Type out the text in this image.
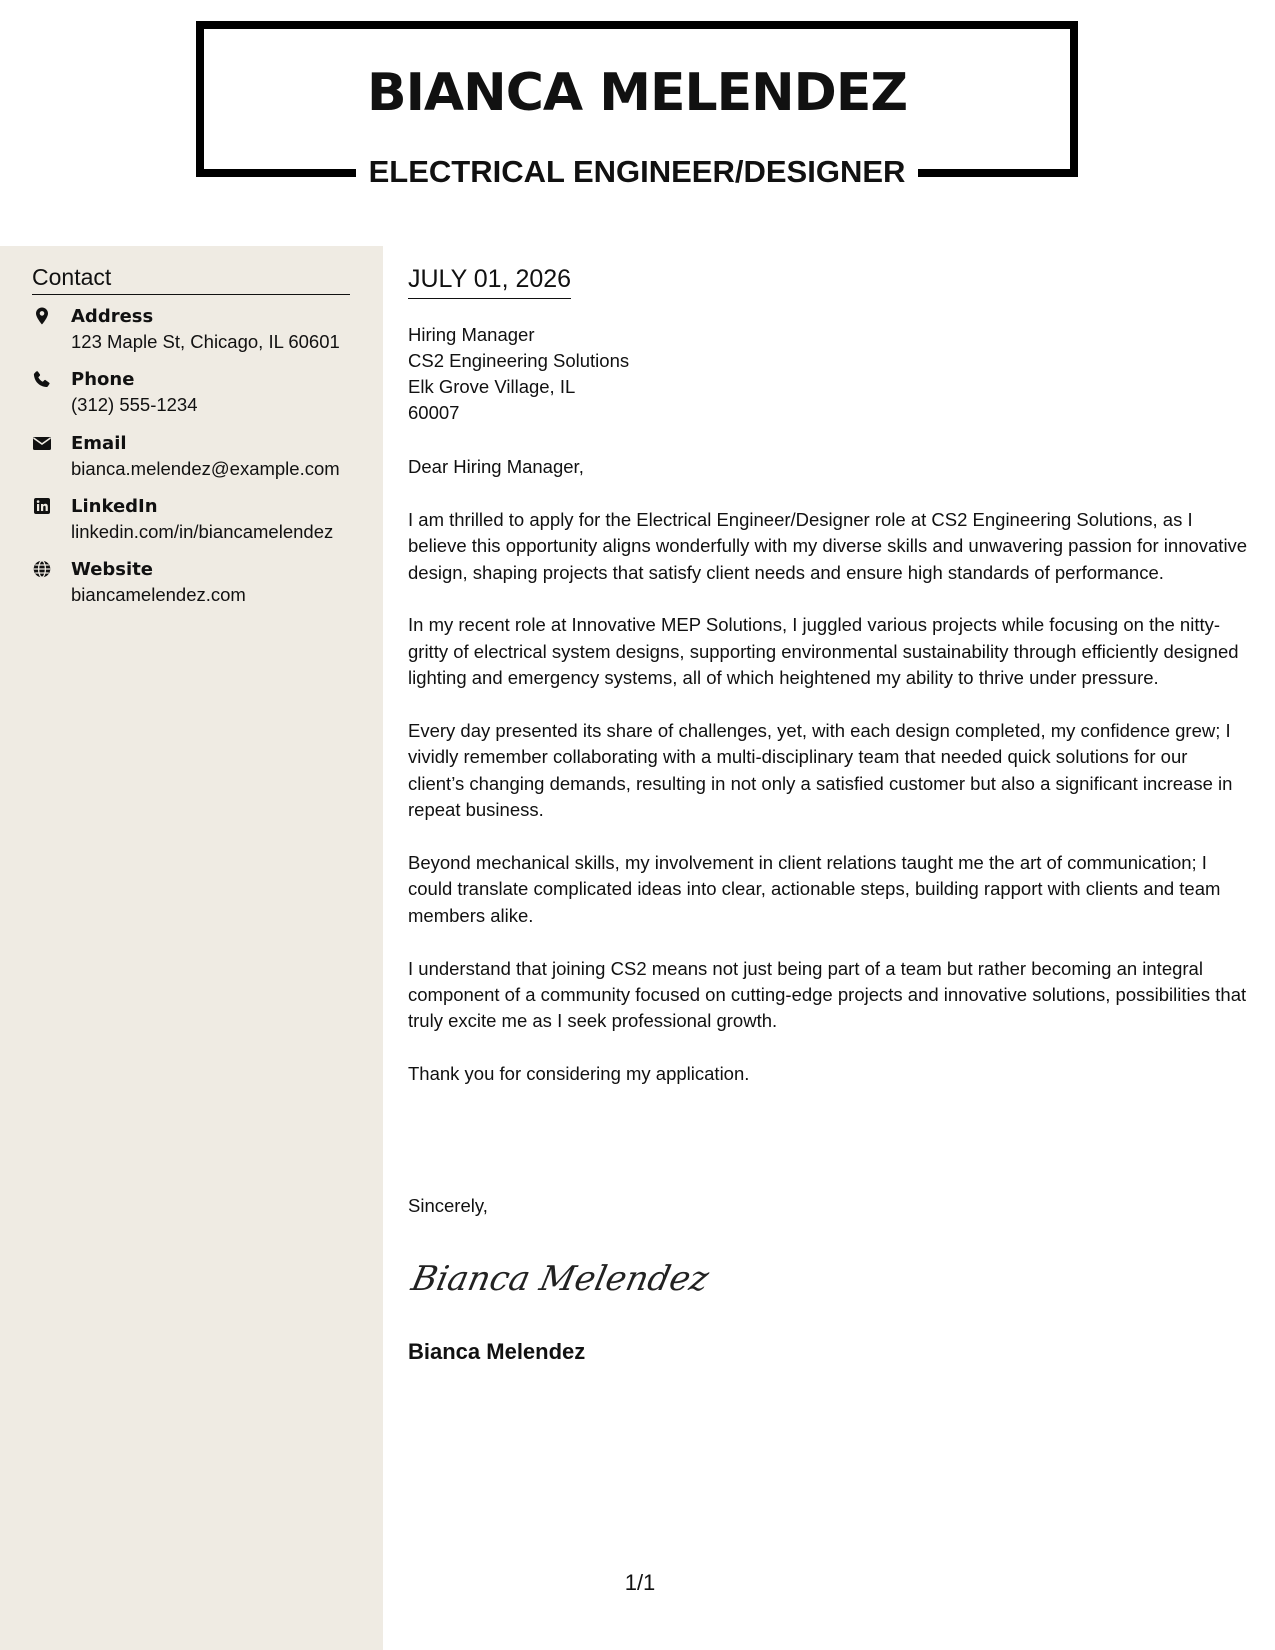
BIANCA MELENDEZ
ELECTRICAL ENGINEER/DESIGNER
Contact
Address
123 Maple St, Chicago, IL 60601
Phone
(312) 555-1234
Email
bianca.melendez@example.com
LinkedIn
linkedin.com/in/biancamelendez
Website
biancamelendez.com
JULY 01, 2026
Hiring Manager
CS2 Engineering Solutions
Elk Grove Village, IL
60007

Dear Hiring Manager,

I am thrilled to apply for the Electrical Engineer/Designer role at CS2 Engineering Solutions, as I believe this opportunity aligns wonderfully with my diverse skills and unwavering passion for innovative design, shaping projects that satisfy client needs and ensure high standards of performance.

In my recent role at Innovative MEP Solutions, I juggled various projects while focusing on the nitty-gritty of electrical system designs, supporting environmental sustainability through efficiently designed lighting and emergency systems, all of which heightened my ability to thrive under pressure.

Every day presented its share of challenges, yet, with each design completed, my confidence grew; I vividly remember collaborating with a multi-disciplinary team that needed quick solutions for our client’s changing demands, resulting in not only a satisfied customer but also a significant increase in repeat business.

Beyond mechanical skills, my involvement in client relations taught me the art of communication; I could translate complicated ideas into clear, actionable steps, building rapport with clients and team members alike.

I understand that joining CS2 means not just being part of a team but rather becoming an integral component of a community focused on cutting-edge projects and innovative solutions, possibilities that truly excite me as I seek professional growth.

Thank you for considering my application.

Sincerely,
Bianca Melendez
Bianca Melendez
1/1
